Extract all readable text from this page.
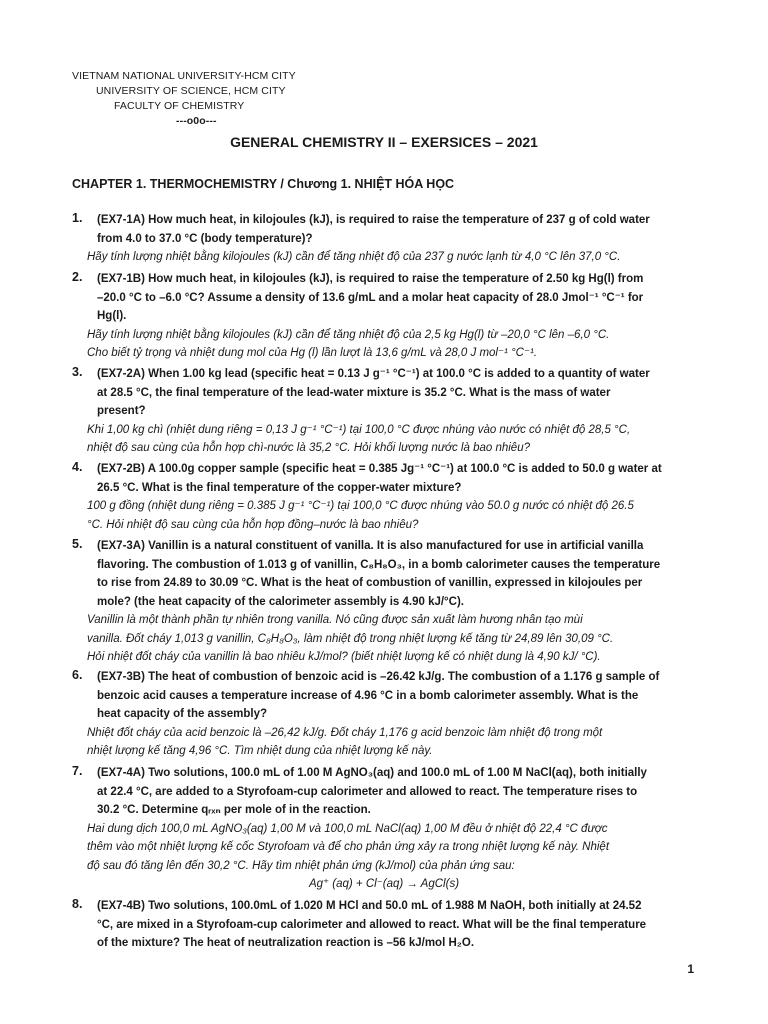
VIETNAM NATIONAL UNIVERSITY-HCM CITY
UNIVERSITY OF SCIENCE, HCM CITY
FACULTY OF CHEMISTRY
---o0o---
GENERAL CHEMISTRY II – EXERSICES – 2021
CHAPTER 1. THERMOCHEMISTRY / Chương 1. NHIỆT HÓA HỌC
1. (EX7-1A) How much heat, in kilojoules (kJ), is required to raise the temperature of 237 g of cold water
from 4.0 to 37.0 °C (body temperature)?
Hãy tính lượng nhiệt bằng kilojoules (kJ) cần để tăng nhiệt độ của 237 g nước lạnh từ 4,0 °C lên 37,0 °C.
2. (EX7-1B) How much heat, in kilojoules (kJ), is required to raise the temperature of 2.50 kg Hg(l) from
–20.0 °C to –6.0 °C? Assume a density of 13.6 g/mL and a molar heat capacity of 28.0 Jmol⁻¹ °C⁻¹ for
Hg(l).
Hãy tính lượng nhiệt bằng kilojoules (kJ) cần để tăng nhiệt độ của 2,5 kg Hg(l) từ –20,0 °C lên –6,0 °C.
Cho biết tỷ trọng và nhiệt dung mol của Hg (l) lần lượt là 13,6 g/mL và 28,0 J mol⁻¹ °C⁻¹.
3. (EX7-2A) When 1.00 kg lead (specific heat = 0.13 J g⁻¹ °C⁻¹) at 100.0 °C is added to a quantity of water
at 28.5 °C, the final temperature of the lead-water mixture is 35.2 °C. What is the mass of water
present?
Khi 1,00 kg chì (nhiệt dung riêng = 0,13 J g⁻¹ °C⁻¹) tại 100,0 °C được nhúng vào nước có nhiệt độ 28,5 °C,
nhiệt độ sau cùng của hỗn hợp chì-nước là 35,2 °C. Hỏi khối lượng nước là bao nhiêu?
4. (EX7-2B) A 100.0g copper sample (specific heat = 0.385 Jg⁻¹ °C⁻¹) at 100.0 °C is added to 50.0 g water at
26.5 °C. What is the final temperature of the copper-water mixture?
100 g đồng (nhiệt dung riêng = 0.385 J g⁻¹ °C⁻¹) tại 100,0 °C được nhúng vào 50.0 g nước có nhiệt độ 26.5
°C. Hỏi nhiệt độ sau cùng của hỗn hợp đồng–nước là bao nhiêu?
5. (EX7-3A) Vanillin is a natural constituent of vanilla. It is also manufactured for use in artificial vanilla
flavoring. The combustion of 1.013 g of vanillin, C₈H₈O₃, in a bomb calorimeter causes the temperature
to rise from 24.89 to 30.09 °C. What is the heat of combustion of vanillin, expressed in kilojoules per
mole? (the heat capacity of the calorimeter assembly is 4.90 kJ/°C).
Vanillin là một thành phần tự nhiên trong vanilla. Nó cũng được sản xuất làm hương nhân tạo mùi
vanilla. Đốt cháy 1,013 g vanillin, C₈H₈O₃, làm nhiệt độ trong nhiệt lượng kế tăng từ 24,89 lên 30,09 °C.
Hỏi nhiệt đốt cháy của vanillin là bao nhiêu kJ/mol? (biết nhiệt lượng kế có nhiệt dung là 4,90 kJ/ °C).
6. (EX7-3B) The heat of combustion of benzoic acid is –26.42 kJ/g. The combustion of a 1.176 g sample of
benzoic acid causes a temperature increase of 4.96 °C in a bomb calorimeter assembly. What is the
heat capacity of the assembly?
Nhiệt đốt cháy của acid benzoic là –26,42 kJ/g. Đốt cháy 1,176 g acid benzoic làm nhiệt độ trong một
nhiệt lượng kế tăng 4,96 °C. Tìm nhiệt dung của nhiệt lượng kế này.
7. (EX7-4A) Two solutions, 100.0 mL of 1.00 M AgNO₃(aq) and 100.0 mL of 1.00 M NaCl(aq), both initially
at 22.4 °C, are added to a Styrofoam-cup calorimeter and allowed to react. The temperature rises to
30.2 °C. Determine qᵣₓₙ per mole of in the reaction.
Hai dung dịch 100,0 mL AgNO₃(aq) 1,00 M và 100,0 mL NaCl(aq) 1,00 M đều ở nhiệt độ 22,4 °C được
thêm vào một nhiệt lượng kế cốc Styrofoam và để cho phản ứng xảy ra trong nhiệt lượng kế này. Nhiệt
độ sau đó tăng lên đến 30,2 °C. Hãy tìm nhiệt phản ứng (kJ/mol) của phản ứng sau:
Ag⁺ (aq) + Cl⁻(aq) → AgCl(s)
8. (EX7-4B) Two solutions, 100.0mL of 1.020 M HCl and 50.0 mL of 1.988 M NaOH, both initially at 24.52
°C, are mixed in a Styrofoam-cup calorimeter and allowed to react. What will be the final temperature
of the mixture? The heat of neutralization reaction is –56 kJ/mol H₂O.
1
